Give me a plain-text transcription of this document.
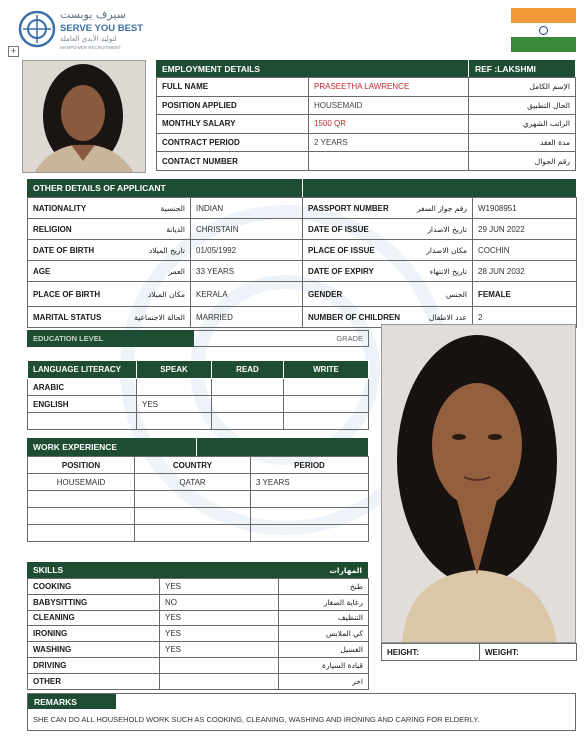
سيرف يوبست
SERVE YOU BEST
لتوليد الأيدي العاملة
MANPOWER RECRUITMENT
+
EMPLOYMENT DETAILS	REF :LAKSHMI
FULL NAME	PRASEETHA LAWRENCE	الإسم الكامل
POSITION APPLIED	HOUSEMAID	الحال التطبيق
MONTHLY SALARY	1500 QR	الراتب الشهري
CONTRACT PERIOD	2 YEARS	مدة العقد
CONTACT NUMBER		رقم الجوال
OTHER DETAILS OF APPLICANT
NATIONALITY	الجنسية	INDIAN	PASSPORT NUMBER	رقم جواز السفر	W1908951
RELIGION	الديانة	CHRISTAIN	DATE OF ISSUE	تاريخ الاصدار	29 JUN 2022
DATE OF BIRTH	تاريخ الميلاد	01/05/1992	PLACE OF ISSUE	مكان الاصدار	COCHIN
AGE	العمر	33 YEARS	DATE OF EXPIRY	تاريخ الانتهاء	28 JUN 2032
PLACE OF BIRTH	مكان الميلاد	KERALA	GENDER	الجنس	FEMALE
MARITAL STATUS	الحالة الاجتماعية	MARRIED	NUMBER OF CHILDREN	عدد الاطفال	2
EDUCATION LEVEL	GRADE
LANGUAGE LITERACY	SPEAK	READ	WRITE
ARABIC			
ENGLISH	YES		

WORK EXPERIENCE
POSITION	COUNTRY	PERIOD
HOUSEMAID	QATAR	3 YEARS

SKILLS	المهارات
COOKING	YES	طبخ
BABYSITTING	NO	رعاية الصغار
CLEANING	YES	التنظيف
IRONING	YES	كي الملابس
WASHING	YES	الغسيل
DRIVING		قيادة السيارة
OTHER		اخر
HEIGHT:	WEIGHT:
REMARKS
SHE CAN DO ALL HOUSEHOLD WORK SUCH AS COOKING, CLEANING, WASHING AND IRONING AND CARING FOR ELDERLY.
